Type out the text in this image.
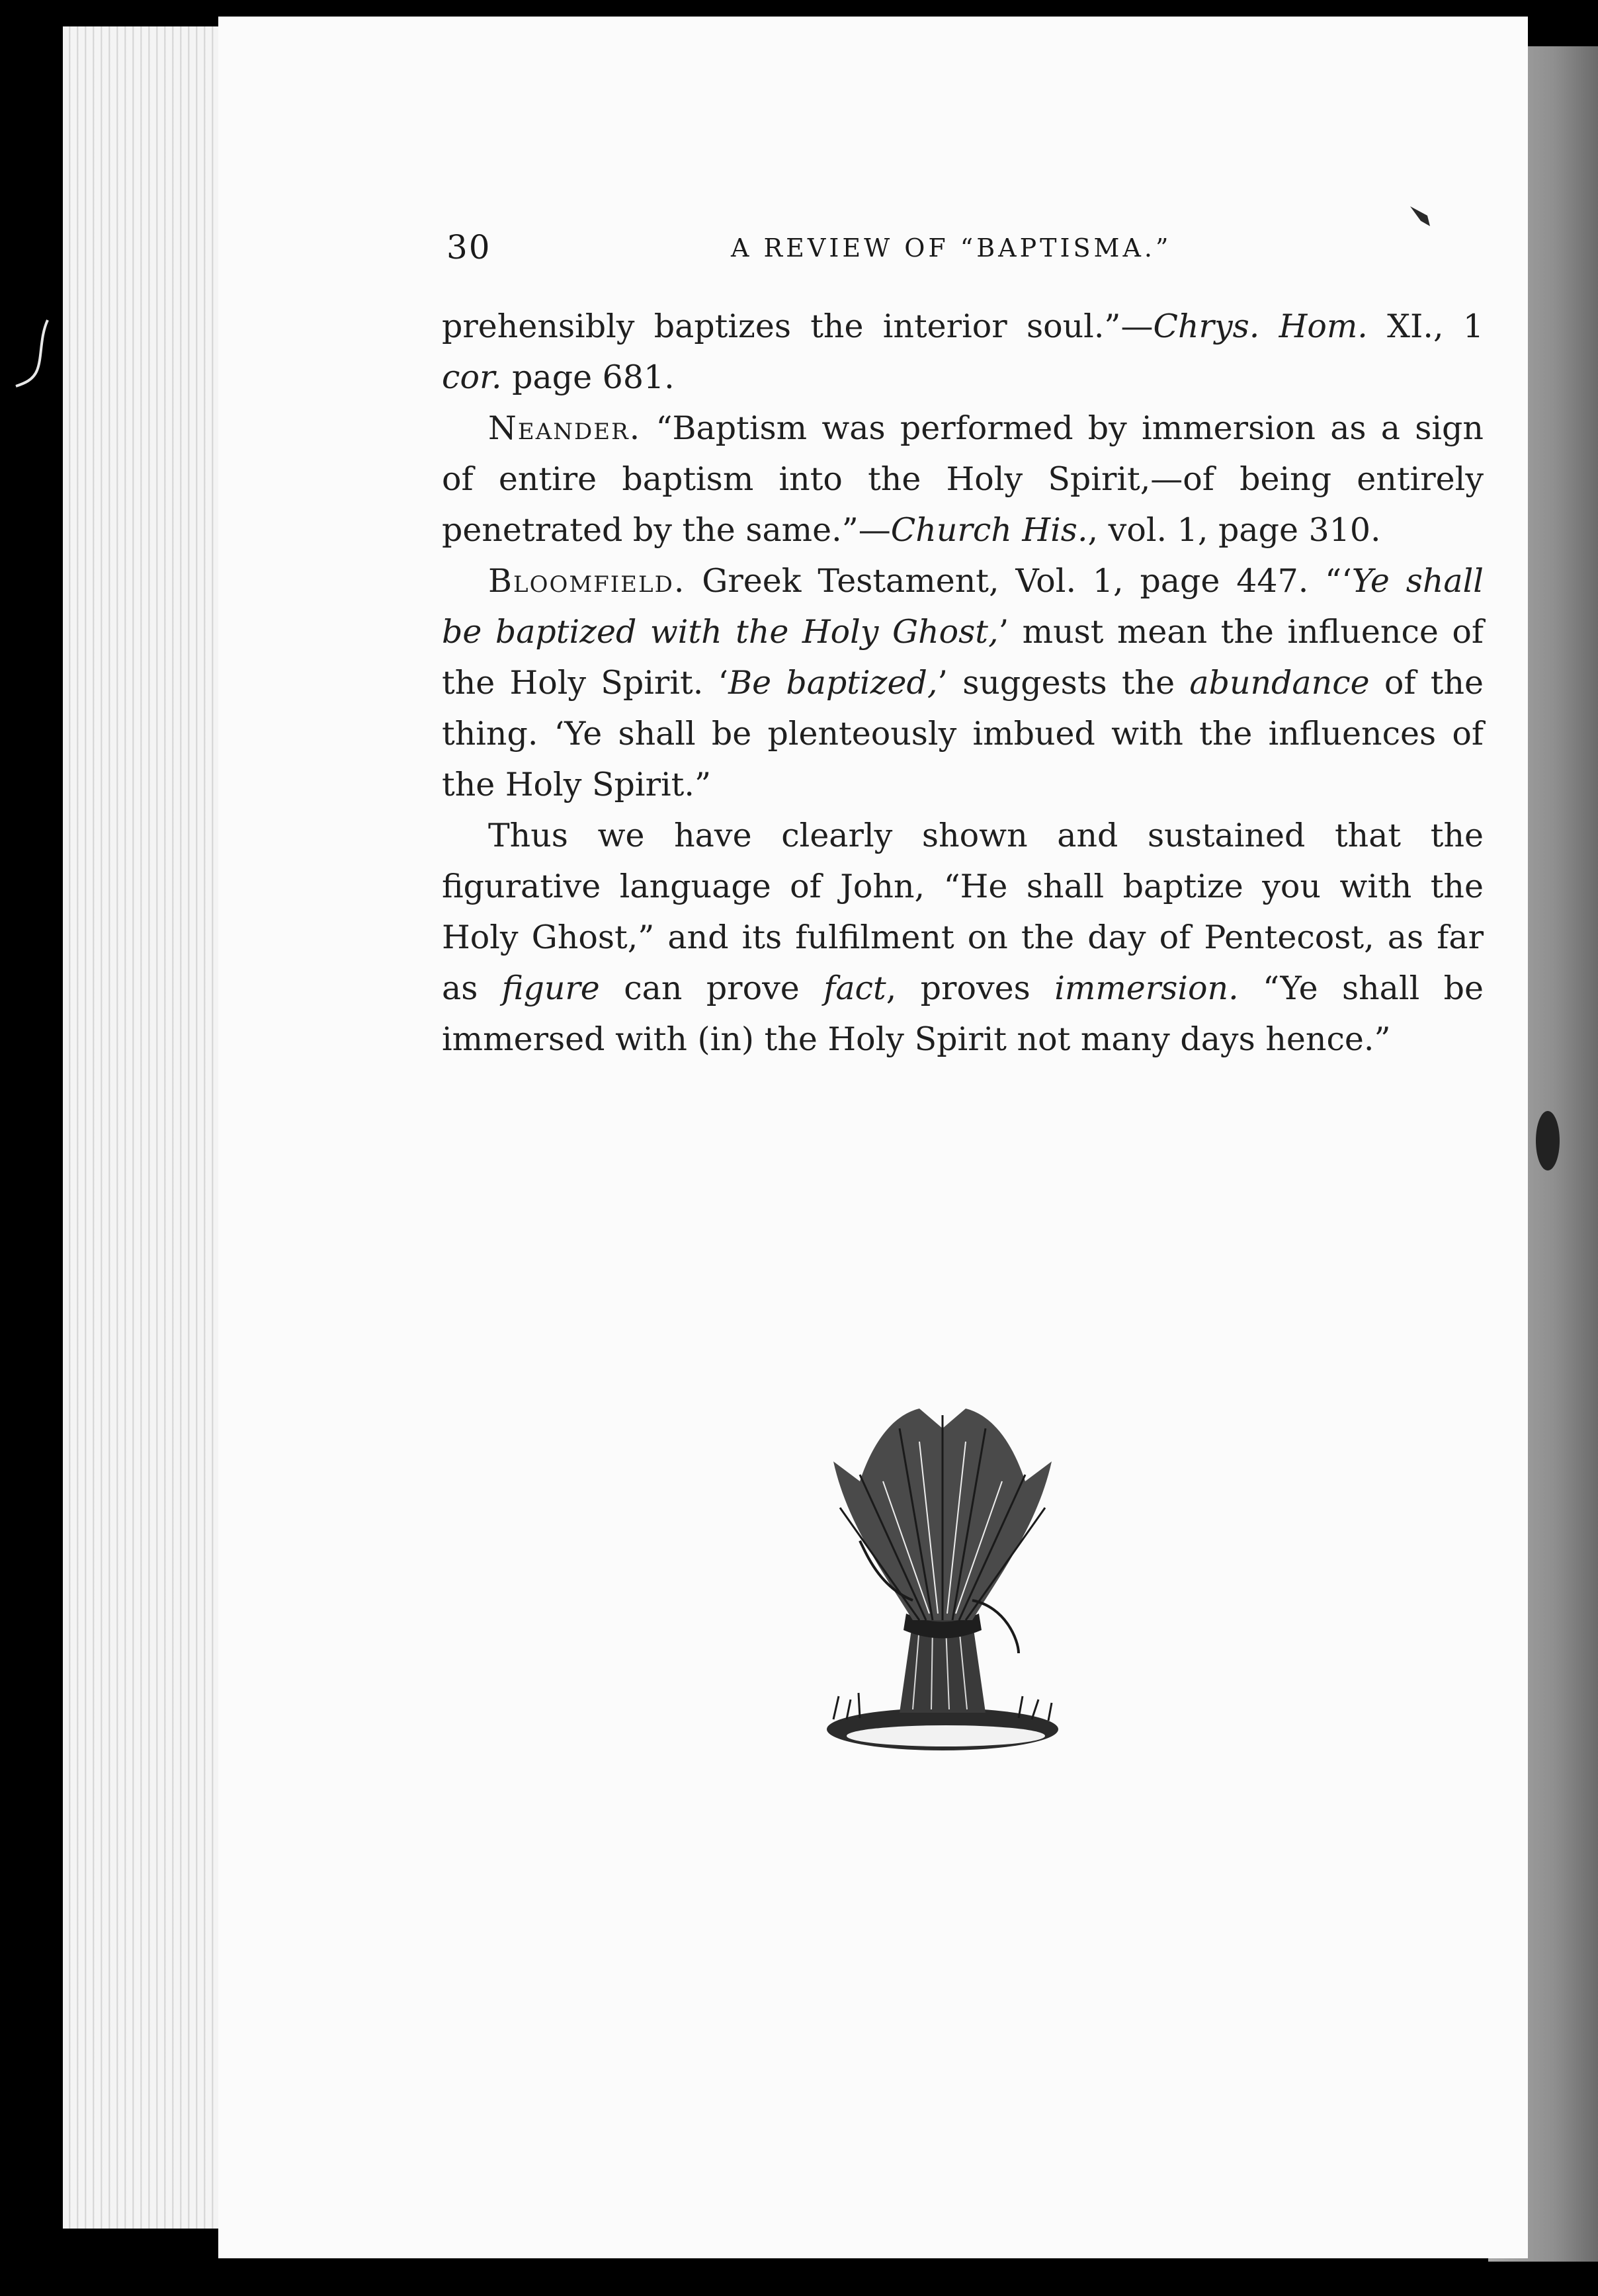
30	A REVIEW OF “BAPTISMA.”

prehensibly baptizes the interior soul.”—Chrys. Hom. XI., 1 cor. page 681.

Neander. “Baptism was performed by immersion as a sign of entire baptism into the Holy Spirit,—of being entirely penetrated by the same.”—Church His., vol. 1, page 310.

Bloomfield. Greek Testament, Vol. 1, page 447. “‘Ye shall be baptized with the Holy Ghost,’ must mean the influence of the Holy Spirit. ‘Be baptized,’ suggests the abundance of the thing. ‘Ye shall be plenteously imbued with the influences of the Holy Spirit.”

Thus we have clearly shown and sustained that the figurative language of John, “He shall baptize you with the Holy Ghost,” and its fulfilment on the day of Pentecost, as far as figure can prove fact, proves immersion. “Ye shall be immersed with (in) the Holy Spirit not many days hence.”
